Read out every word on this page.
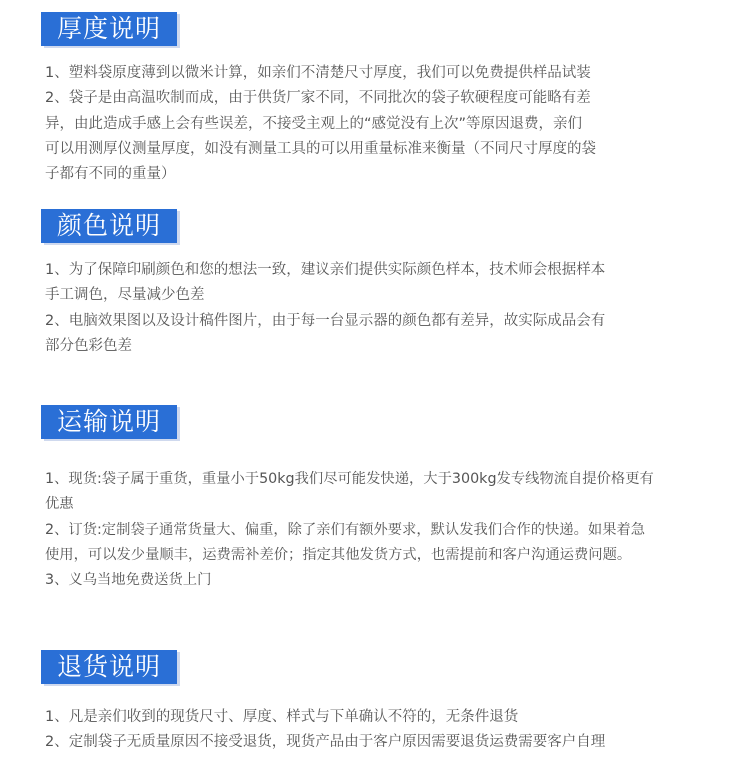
厚度说明
1、塑料袋原度薄到以微米计算，如亲们不清楚尺寸厚度，我们可以免费提供样品试装
2、袋子是由高温吹制而成，由于供货厂家不同，不同批次的袋子软硬程度可能略有差
异，由此造成手感上会有些误差，不接受主观上的“感觉没有上次”等原因退费，亲们
可以用测厚仪测量厚度，如没有测量工具的可以用重量标准来衡量（不同尺寸厚度的袋
子都有不同的重量）
颜色说明
1、为了保障印刷颜色和您的想法一致，建议亲们提供实际颜色样本，技术师会根据样本
手工调色，尽量减少色差
2、电脑效果图以及设计稿件图片，由于每一台显示器的颜色都有差异，故实际成品会有
部分色彩色差
运输说明
1、现货:袋子属于重货，重量小于50kg我们尽可能发快递，大于300kg发专线物流自提价格更有
优惠
2、订货:定制袋子通常货量大、偏重，除了亲们有额外要求，默认发我们合作的快递。如果着急
使用，可以发少量顺丰，运费需补差价；指定其他发货方式，也需提前和客户沟通运费问题。
3、义乌当地免费送货上门
退货说明
1、凡是亲们收到的现货尺寸、厚度、样式与下单确认不符的，无条件退货
2、定制袋子无质量原因不接受退货，现货产品由于客户原因需要退货运费需要客户自理
